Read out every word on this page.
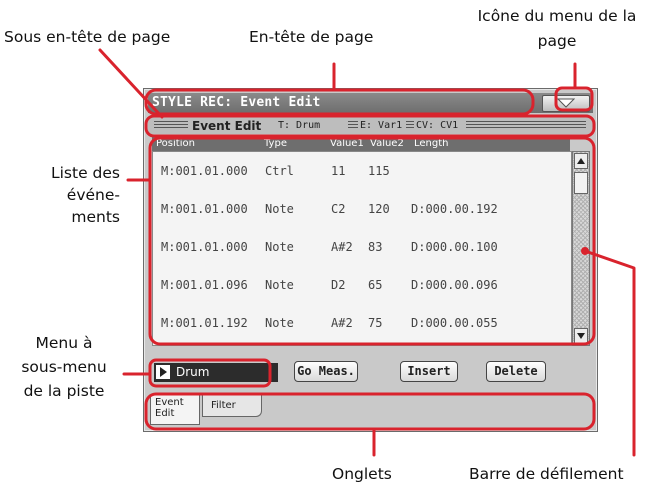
Sous en-tête de page	En-tête de page
Icône du menu de la
page
Liste des
événe-
ments
Menu à
sous-menu
de la piste
Onglets	Barre de défilement
STYLE REC: Event Edit
Event Edit T: Drum	E: Var1 CV: CV1
Position	Type	Value1 Value2 Length
M:001.01.000 Ctrl	11 115
M:001.01.000 Note	C2 120 D:000.00.192
M:001.01.000 Note	A#2 83 D:000.00.100
M:001.01.096 Note	D2 65 D:000.00.096
M:001.01.192 Note	A#2 75 D:000.00.055
Drum	Go Meas.	Insert	Delete
Event
Edit
Filter
